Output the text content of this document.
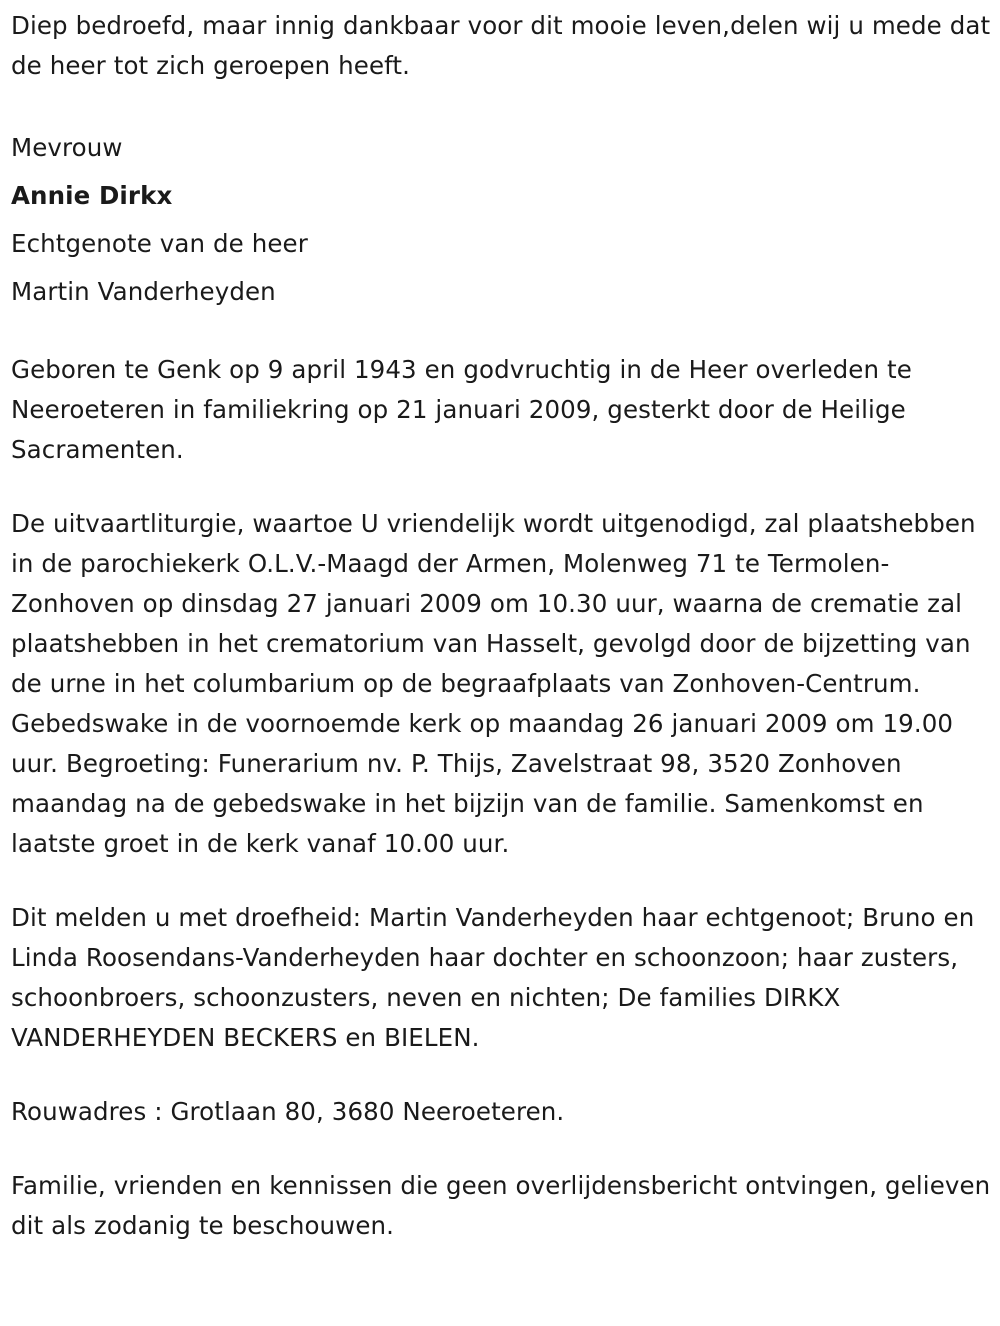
Diep bedroefd, maar innig dankbaar voor dit mooie leven,delen wij u mede dat de heer tot zich geroepen heeft.

Mevrouw

Annie Dirkx

Echtgenote van de heer

Martin Vanderheyden

Geboren te Genk op 9 april 1943 en godvruchtig in de Heer overleden te Neeroeteren in familiekring op 21 januari 2009, gesterkt door de Heilige Sacramenten.

De uitvaartliturgie, waartoe U vriendelijk wordt uitgenodigd, zal plaatshebben in de parochiekerk O.L.V.-Maagd der Armen, Molenweg 71 te Termolen-Zonhoven op dinsdag 27 januari 2009 om 10.30 uur, waarna de crematie zal plaatshebben in het crematorium van Hasselt, gevolgd door de bijzetting van de urne in het columbarium op de begraafplaats van Zonhoven-Centrum. Gebedswake in de voornoemde kerk op maandag 26 januari 2009 om 19.00 uur. Begroeting: Funerarium nv. P. Thijs, Zavelstraat 98, 3520 Zonhoven maandag na de gebedswake in het bijzijn van de familie. Samenkomst en laatste groet in de kerk vanaf 10.00 uur.

Dit melden u met droefheid: Martin Vanderheyden haar echtgenoot; Bruno en Linda Roosendans-Vanderheyden haar dochter en schoonzoon; haar zusters, schoonbroers, schoonzusters, neven en nichten; De families DIRKX VANDERHEYDEN BECKERS en BIELEN.

Rouwadres : Grotlaan 80, 3680 Neeroeteren.

Familie, vrienden en kennissen die geen overlijdensbericht ontvingen, gelieven dit als zodanig te beschouwen.
